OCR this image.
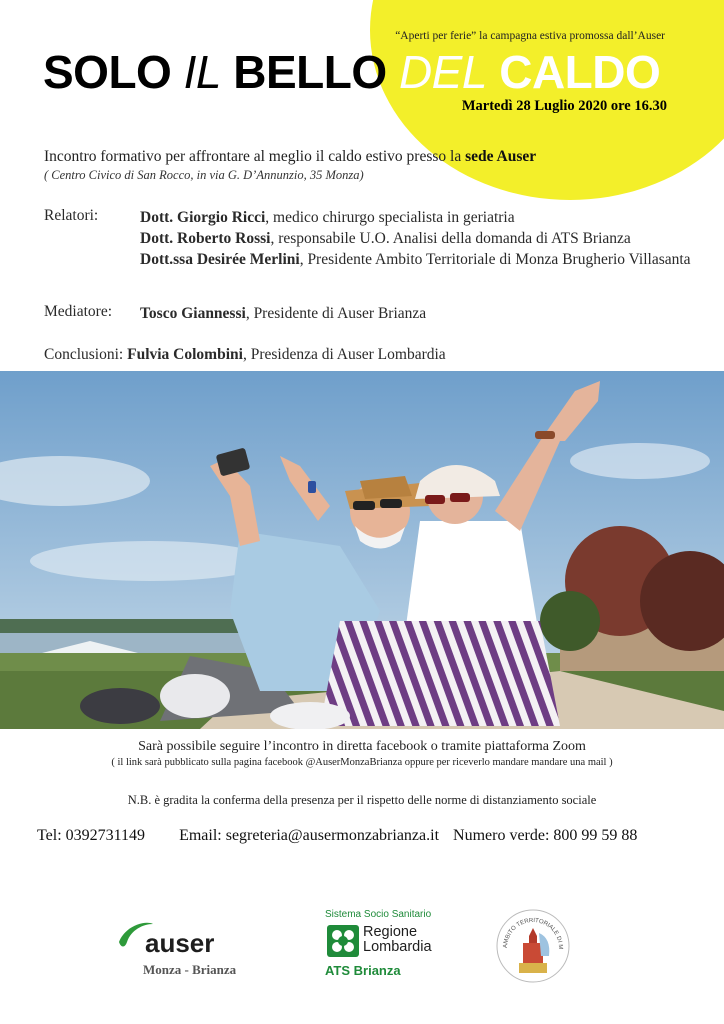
“Aperti per ferie” la campagna estiva promossa dall’Auser
SOLO IL BELLO DEL CALDO
Martedì 28 Luglio 2020 ore 16.30
Incontro formativo per affrontare al meglio il caldo estivo presso la sede Auser
( Centro Civico di San Rocco, in via G. D’Annunzio, 35 Monza)
Relatori:	Dott. Giorgio Ricci, medico chirurgo specialista in geriatria
Dott. Roberto Rossi, responsabile U.O. Analisi della domanda di ATS Brianza
Dott.ssa Desirée Merlini, Presidente Ambito Territoriale di Monza Brugherio Villasanta
Mediatore: Tosco Giannessi, Presidente di Auser Brianza
Conclusioni: Fulvia Colombini, Presidenza di Auser Lombardia
Sarà possibile seguire l’incontro in diretta facebook o tramite piattaforma Zoom
( il link sarà pubblicato sulla pagina facebook @AuserMonzaBrianza oppure per riceverlo mandare mandare una mail )
N.B. è gradita la conferma della presenza per il rispetto delle norme di distanziamento sociale
Tel: 0392731149 Email: segreteria@ausermonzabrianza.it Numero verde: 800 99 59 88
auser
Monza - Brianza
Sistema Socio Sanitario
Regione
Lombardia
ATS Brianza
AMBITO TERRITORIALE DI M
